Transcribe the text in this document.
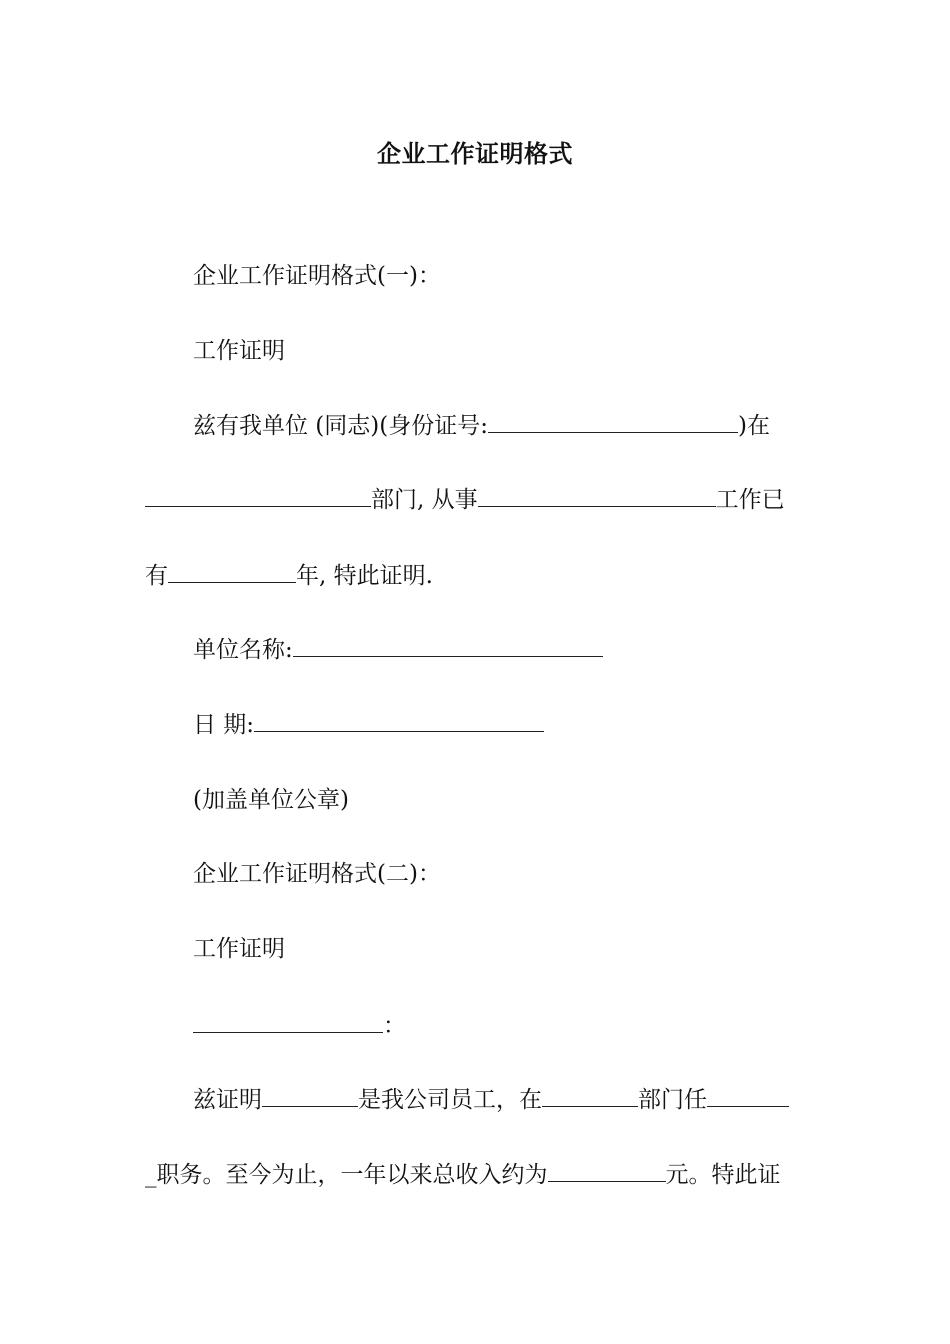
企业工作证明格式
企业工作证明格式(一)：
工作证明
兹有我单位 (同志)(身份证号:	)在
部门, 从事	工作已
有	年, 特此证明.
单位名称:
日 期:
(加盖单位公章)
企业工作证明格式(二)：
工作证明
：
兹证明	是我公司员工，在	部门任
_职务。至今为止，一年以来总收入约为	元。特此证
